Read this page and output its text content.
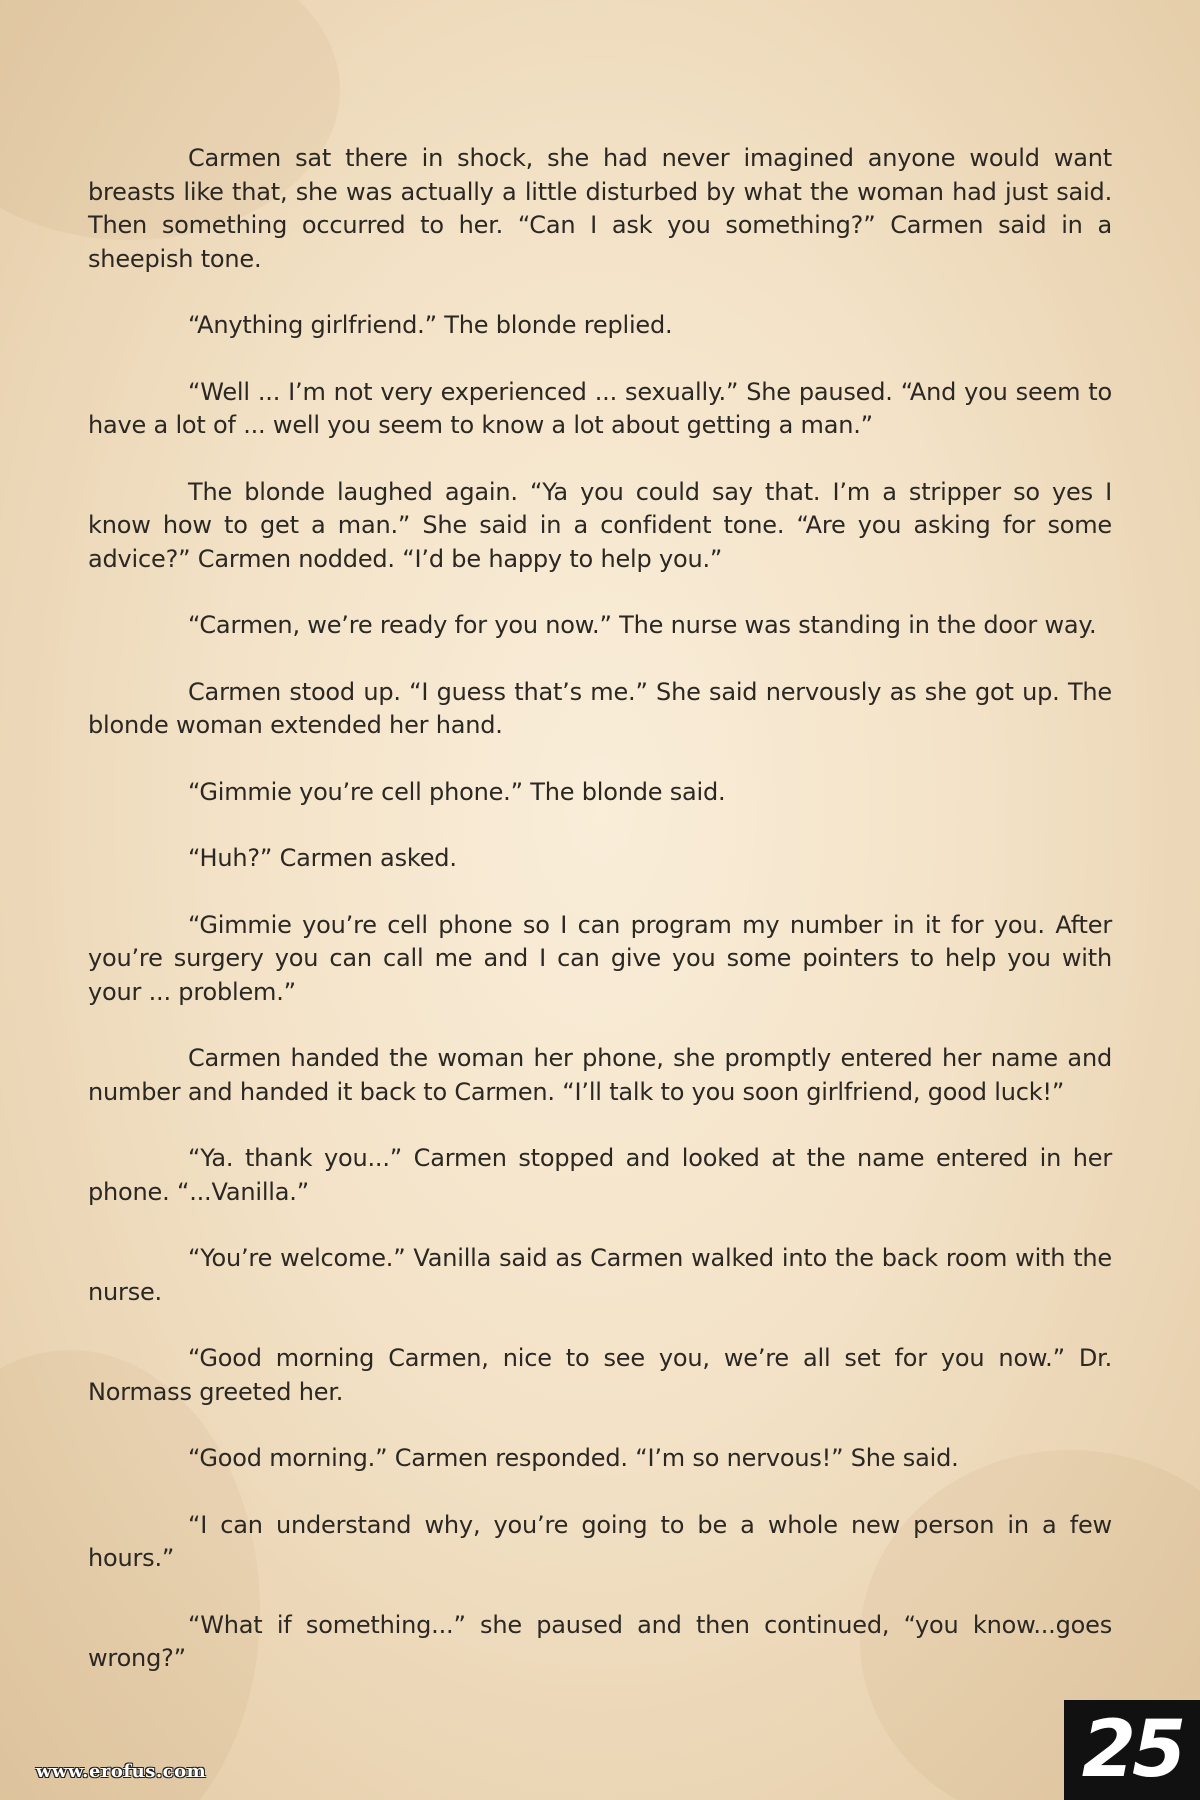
Carmen sat there in shock, she had never imagined anyone would want breasts like that, she was actually a little disturbed by what the woman had just said. Then something occurred to her. “Can I ask you something?” Carmen said in a sheepish tone.

“Anything girlfriend.” The blonde replied.

“Well ... I’m not very experienced ... sexually.” She paused. “And you seem to have a lot of ... well you seem to know a lot about getting a man.”

The blonde laughed again. “Ya you could say that. I’m a stripper so yes I know how to get a man.” She said in a confident tone. “Are you asking for some advice?” Carmen nodded. “I’d be happy to help you.”

“Carmen, we’re ready for you now.” The nurse was standing in the door way.

Carmen stood up. “I guess that’s me.” She said nervously as she got up. The blonde woman extended her hand.

“Gimmie you’re cell phone.” The blonde said.

“Huh?” Carmen asked.

“Gimmie you’re cell phone so I can program my number in it for you. After you’re surgery you can call me and I can give you some pointers to help you with your ... problem.”

Carmen handed the woman her phone, she promptly entered her name and number and handed it back to Carmen. “I’ll talk to you soon girlfriend, good luck!”

“Ya. thank you...” Carmen stopped and looked at the name entered in her phone. “...Vanilla.”

“You’re welcome.” Vanilla said as Carmen walked into the back room with the nurse.

“Good morning Carmen, nice to see you, we’re all set for you now.” Dr. Normass greeted her.

“Good morning.” Carmen responded. “I’m so nervous!” She said.

“I can understand why, you’re going to be a whole new person in a few hours.”

“What if something...” she paused and then continued, “you know...goes wrong?”

www.erofus.com	25
